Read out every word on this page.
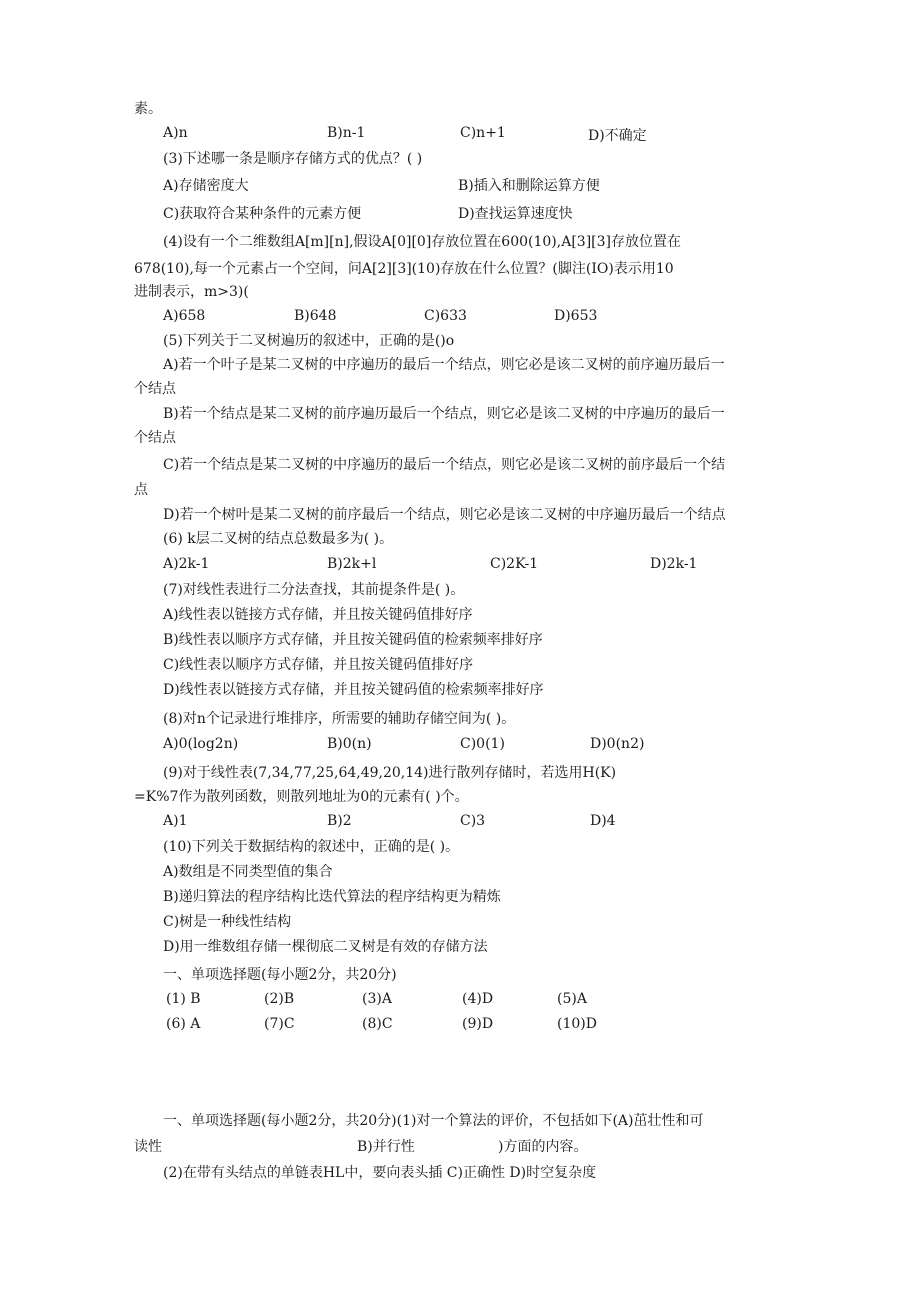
素。
A)n	B)n-1	C)n+1	D)不确定
(3)下述哪一条是顺序存储方式的优点？( )
A)存储密度大	B)插入和删除运算方便
C)获取符合某种条件的元素方便	D)查找运算速度快
(4)设有一个二维数组A[m][n],假设A[0][0]存放位置在600(10),A[3][3]存放位置在
678(10),每一个元素占一个空间，问A[2][3](10)存放在什么位置？(脚注(IO)表示用10
进制表示，m>3)(
A)658	B)648	C)633	D)653
(5)下列关于二叉树遍历的叙述中，正确的是()o
A)若一个叶子是某二叉树的中序遍历的最后一个结点，则它必是该二叉树的前序遍历最后一
个结点
B)若一个结点是某二叉树的前序遍历最后一个结点，则它必是该二叉树的中序遍历的最后一
个结点
C)若一个结点是某二叉树的中序遍历的最后一个结点，则它必是该二叉树的前序最后一个结
点
D)若一个树叶是某二叉树的前序最后一个结点，则它必是该二叉树的中序遍历最后一个结点
(6) k层二叉树的结点总数最多为( )。
A)2k-1	B)2k+l	C)2K-1	D)2k-1
(7)对线性表进行二分法查找，其前提条件是( )。
A)线性表以链接方式存储，并且按关键码值排好序
B)线性表以顺序方式存储，并且按关键码值的检索频率排好序
C)线性表以顺序方式存储，并且按关键码值排好序
D)线性表以链接方式存储，并且按关键码值的检索频率排好序
(8)对n个记录进行堆排序，所需要的辅助存储空间为( )。
A)0(log2n)	B)0(n)	C)0(1)	D)0(n2)
(9)对于线性表(7,34,77,25,64,49,20,14)进行散列存储时，若选用H(K)
=K%7作为散列函数，则散列地址为0的元素有( )个。
A)1	B)2	C)3	D)4
(10)下列关于数据结构的叙述中，正确的是( )。
A)数组是不同类型值的集合
B)递归算法的程序结构比迭代算法的程序结构更为精炼
C)树是一种线性结构
D)用一维数组存储一棵彻底二叉树是有效的存储方法
一、单项选择题(每小题2分，共20分)
(1) B	(2)B	(3)A	(4)D	(5)A
(6) A	(7)C	(8)C	(9)D	(10)D
一、单项选择题(每小题2分，共20分)(1)对一个算法的评价，不包括如下(A)茁壮性和可
读性	B)并行性	)方面的内容。
(2)在带有头结点的单链表HL中，要向表头插 C)正确性 D)时空复杂度
